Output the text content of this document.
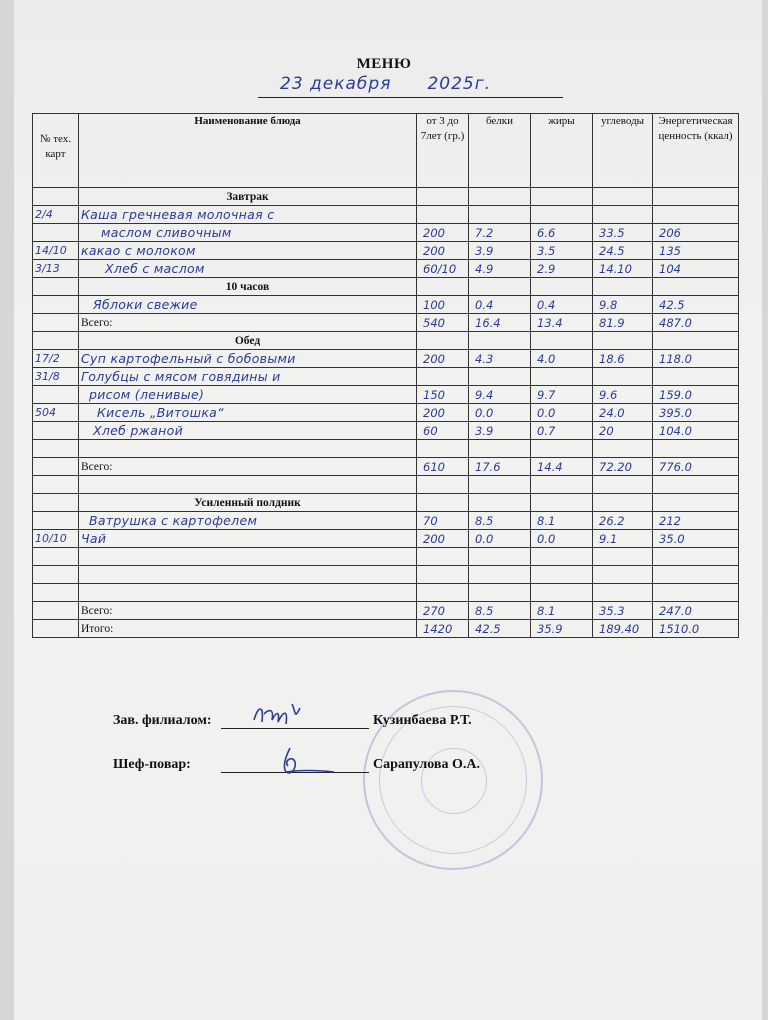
МЕНЮ
23 декабря 2025г.
№ тех. карт	Наименование блюда	от 3 до 7лет (гр.)	белки	жиры	углеводы	Энергетическая ценность (ккал)
	Завтрак					
2/4	Каша гречневая молочная с					
	маслом сливочным	200	7.2	6.6	33.5	206
14/10	какао с молоком	200	3.9	3.5	24.5	135
3/13	Хлеб с маслом	60/10	4.9	2.9	14.10	104
	10 часов					
	Яблоки свежие	100	0.4	0.4	9.8	42.5
	Всего:	540	16.4	13.4	81.9	487.0
	Обед					
17/2	Суп картофельный с бобовыми	200	4.3	4.0	18.6	118.0
31/8	Голубцы с мясом говядины и					
	рисом (ленивые)	150	9.4	9.7	9.6	159.0
504	Кисель „Витошка“	200	0.0	0.0	24.0	395.0
	Хлеб ржаной	60	3.9	0.7	20	104.0

	Всего:	610	17.6	14.4	72.20	776.0

	Усиленный полдник					
	Ватрушка с картофелем	70	8.5	8.1	26.2	212
10/10	Чай	200	0.0	0.0	9.1	35.0

	Всего:	270	8.5	8.1	35.3	247.0
	Итого:	1420	42.5	35.9	189.40	1510.0
Зав. филиалом:	Кузинбаева Р.Т.
Шеф-повар:	Сарапулова О.А.
